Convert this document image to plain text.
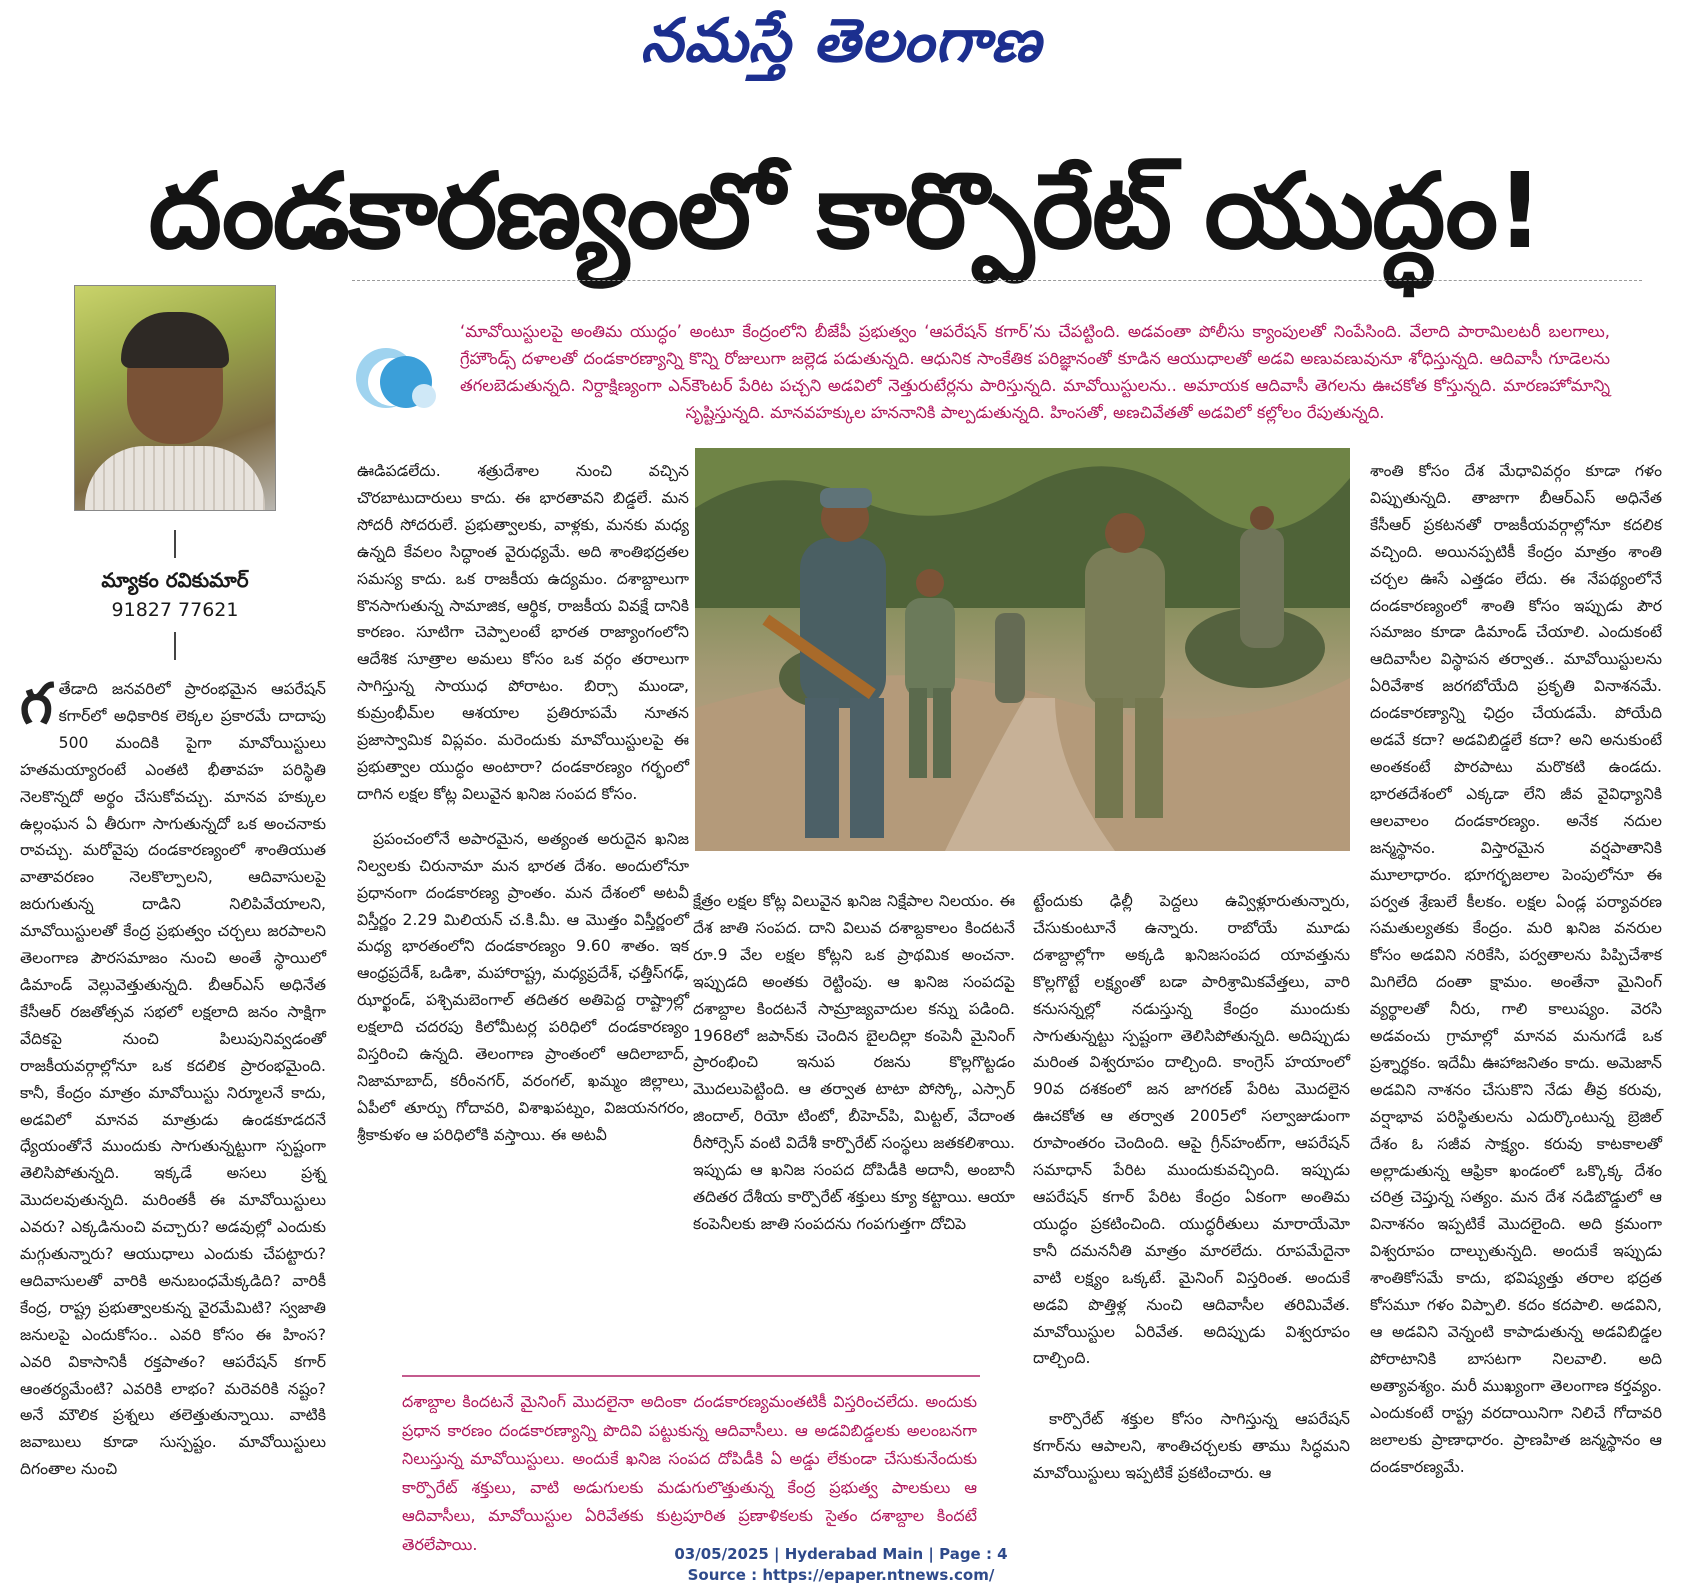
నమస్తే తెలంగాణ
దండకారణ్యంలో కార్పొరేట్ యుద్ధం!
మ్యాకం రవికుమార్
91827 77621
‘మావోయిస్టులపై అంతిమ యుద్ధం’ అంటూ కేంద్రంలోని బీజేపీ ప్రభుత్వం ‘ఆపరేషన్ కగార్’ను చేపట్టింది. అడవంతా పోలీసు క్యాంపులతో నింపేసింది. వేలాది పారామిలటరీ బలగాలు, గ్రేహౌండ్స్ దళాలతో దండకారణ్యాన్ని కొన్ని రోజులుగా జల్లెడ పడుతున్నది. ఆధునిక సాంకేతిక పరిజ్ఞానంతో కూడిన ఆయుధాలతో అడవి అణువణువునూ శోధిస్తున్నది. ఆదివాసీ గూడెలను తగలబెడుతున్నది. నిర్దాక్షిణ్యంగా ఎన్‌కౌంటర్ పేరిట పచ్చని అడవిలో నెత్తురుటేర్లను పారిస్తున్నది. మావోయిస్టులను.. అమాయక ఆదివాసీ తెగలను ఊచకోత కోస్తున్నది. మారణహోమాన్ని సృష్టిస్తున్నది. మానవహక్కుల హననానికి పాల్పడుతున్నది. హింసతో, అణచివేతతో అడవిలో కల్లోలం రేపుతున్నది.
గ తేడాది జనవరిలో ప్రారంభమైన ఆపరేషన్ కగార్‌లో అధికారిక లెక్కల ప్రకారమే దాదాపు 500 మందికి పైగా మావోయిస్టులు హతమయ్యారంటే ఎంతటి భీతావహ పరిస్థితి నెలకొన్నదో అర్థం చేసుకోవచ్చు. మానవ హక్కుల ఉల్లంఘన ఏ తీరుగా సాగుతున్నదో ఒక అంచనాకు రావచ్చు. మరోవైపు దండకారణ్యంలో శాంతియుత వాతావరణం నెలకొల్పాలని, ఆదివాసులపై జరుగుతున్న దాడిని నిలిపివేయాలని, మావోయిస్టులతో కేంద్ర ప్రభుత్వం చర్చలు జరపాలని తెలంగాణ పౌరసమాజం నుంచి అంతే స్థాయిలో డిమాండ్ వెల్లువెత్తుతున్నది. బీఆర్‌ఎస్ అధినేత కేసీఆర్ రజతోత్సవ సభలో లక్షలాది జనం సాక్షిగా వేదికపై నుంచి పిలుపునివ్వడంతో రాజకీయవర్గాల్లోనూ ఒక కదలిక ప్రారంభమైంది. కానీ, కేంద్రం మాత్రం మావోయిస్టు నిర్మూలనే కాదు, అడవిలో మానవ మాత్రుడు ఉండకూడదనే ధ్యేయంతోనే ముందుకు సాగుతున్నట్టుగా స్పష్టంగా తెలిసిపోతున్నది. ఇక్కడే అసలు ప్రశ్న మొదలవుతున్నది. మరింతకీ ఈ మావోయిస్టులు ఎవరు? ఎక్కడినుంచి వచ్చారు? అడవుల్లో ఎందుకు మగ్గుతున్నారు? ఆయుధాలు ఎందుకు చేపట్టారు? ఆదివాసులతో వారికి అనుబంధమేక్కడిది? వారికీ కేంద్ర, రాష్ట్ర ప్రభుత్వాలకున్న వైరమేమిటి? స్వజాతి జనులపై ఎందుకోసం.. ఎవరి కోసం ఈ హింస? ఎవరి వికాసానికీ రక్తపాతం? ఆపరేషన్ కగార్ ఆంతర్యమేంటి? ఎవరికి లాభం? మరెవరికి నష్టం? అనే మౌలిక ప్రశ్నలు తలెత్తుతున్నాయి. వాటికి జవాబులు కూడా సుస్పష్టం. మావోయిస్టులు దిగంతాల నుంచి

ఊడిపడలేదు. శత్రుదేశాల నుంచి వచ్చిన చొరబాటుదారులు కాదు. ఈ భారతావని బిడ్డలే. మన సోదరీ సోదరులే. ప్రభుత్వాలకు, వాళ్లకు, మనకు మధ్య ఉన్నది కేవలం సిద్ధాంత వైరుధ్యమే. అది శాంతిభద్రతల సమస్య కాదు. ఒక రాజకీయ ఉద్యమం. దశాబ్దాలుగా కొనసాగుతున్న సామాజిక, ఆర్థిక, రాజకీయ వివక్షే దానికి కారణం. సూటిగా చెప్పాలంటే భారత రాజ్యాంగంలోని ఆదేశిక సూత్రాల అమలు కోసం ఒక వర్గం తరాలుగా సాగిస్తున్న సాయుధ పోరాటం. బిర్సా ముండా, కుమ్రంభీమ్‌ల ఆశయాల ప్రతిరూపమే నూతన ప్రజాస్వామిక విప్లవం. మరెందుకు మావోయిస్టులపై ఈ ప్రభుత్వాల యుద్ధం అంటారా? దండకారణ్యం గర్భంలో దాగిన లక్షల కోట్ల విలువైన ఖనిజ సంపద కోసం.

ప్రపంచంలోనే అపారమైన, అత్యంత అరుదైన ఖనిజ నిల్వలకు చిరునామా మన భారత దేశం. అందులోనూ ప్రధానంగా దండకారణ్య ప్రాంతం. మన దేశంలో అటవీ విస్తీర్ణం 2.29 మిలియన్ చ.కి.మీ. ఆ మొత్తం విస్తీర్ణంలో మధ్య భారతంలోని దండకారణ్యం 9.60 శాతం. ఇక ఆంధ్రప్రదేశ్, ఒడిశా, మహారాష్ట్ర, మధ్యప్రదేశ్, ఛత్తీస్‌గఢ్, ఝార్ఖండ్, పశ్చిమబెంగాల్ తదితర అతిపెద్ద రాష్ట్రాల్లో లక్షలాది చదరపు కిలోమీటర్ల పరిధిలో దండకారణ్యం విస్తరించి ఉన్నది. తెలంగాణ ప్రాంతంలో ఆదిలాబాద్, నిజామాబాద్, కరీంనగర్, వరంగల్, ఖమ్మం జిల్లాలు, ఏపీలో తూర్పు గోదావరి, విశాఖపట్నం, విజయనగరం, శ్రీకాకుళం ఆ పరిధిలోకి వస్తాయి. ఈ అటవీ

క్షేత్రం లక్షల కోట్ల విలువైన ఖనిజ నిక్షేపాల నిలయం. ఈ దేశ జాతి సంపద. దాని విలువ దశాబ్దకాలం కిందటనే రూ.9 వేల లక్షల కోట్లని ఒక ప్రాథమిక అంచనా. ఇప్పుడది అంతకు రెట్టింపు. ఆ ఖనిజ సంపదపై దశాబ్దాల కిందటనే సామ్రాజ్యవాదుల కన్ను పడింది. 1968లో జపాన్‌కు చెందిన బైలదిల్లా కంపెనీ మైనింగ్ ప్రారంభించి ఇనుప రజను కొల్లగొట్టడం మొదలుపెట్టింది. ఆ తర్వాత టాటా పోస్కో, ఎస్సార్ జిందాల్, రియో టింటో, బీహెచ్‌పి, మిట్టల్, వేదాంత రీసోర్సెస్ వంటి విదేశీ కార్పొరేట్ సంస్థలు జతకలిశాయి. ఇప్పుడు ఆ ఖనిజ సంపద దోపిడీకి అదానీ, అంబానీ తదితర దేశీయ కార్పొరేట్ శక్తులు క్యూ కట్టాయి. ఆయా కంపెనీలకు జాతి సంపదను గంపగుత్తగా దోచిపె

ట్టేందుకు ఢిల్లీ పెద్దలు ఉవ్విళ్లూరుతున్నారు, చేసుకుంటూనే ఉన్నారు. రాబోయే మూడు దశాబ్దాల్లోగా అక్కడి ఖనిజసంపద యావత్తును కొల్లగొట్టే లక్ష్యంతో బడా పారిశ్రామికవేత్తలు, వారి కనుసన్నల్లో నడుస్తున్న కేంద్రం ముందుకు సాగుతున్నట్టు స్పష్టంగా తెలిసిపోతున్నది. అదిప్పుడు మరింత విశ్వరూపం దాల్చింది. కాంగ్రెస్ హయాంలో 90వ దశకంలో జన జాగరణ్ పేరిట మొదలైన ఊచకోత ఆ తర్వాత 2005లో సల్వాజుడుంగా రూపాంతరం చెందింది. ఆపై గ్రీన్‌హంట్‌గా, ఆపరేషన్ సమాధాన్ పేరిట ముందుకువచ్చింది. ఇప్పుడు ఆపరేషన్ కగార్ పేరిట కేంద్రం ఏకంగా అంతిమ యుద్ధం ప్రకటించింది. యుద్ధరీతులు మారాయేమో కానీ దమననీతి మాత్రం మారలేదు. రూపమేదైనా వాటి లక్ష్యం ఒక్కటే. మైనింగ్ విస్తరింత. అందుకే అడవి పొత్తిళ్ల నుంచి ఆదివాసీల తరిమివేత. మావోయిస్టుల ఏరివేత. అదిప్పుడు విశ్వరూపం దాల్చింది.

కార్పొరేట్ శక్తుల కోసం సాగిస్తున్న ఆపరేషన్ కగార్‌ను ఆపాలని, శాంతిచర్చలకు తాము సిద్ధమని మావోయిస్టులు ఇప్పటికే ప్రకటించారు. ఆ

శాంతి కోసం దేశ మేధావివర్గం కూడా గళం విప్పుతున్నది. తాజాగా బీఆర్‌ఎస్ అధినేత కేసీఆర్ ప్రకటనతో రాజకీయవర్గాల్లోనూ కదలిక వచ్చింది. అయినప్పటికీ కేంద్రం మాత్రం శాంతి చర్చల ఊసే ఎత్తడం లేదు. ఈ నేపథ్యంలోనే దండకారణ్యంలో శాంతి కోసం ఇప్పుడు పౌర సమాజం కూడా డిమాండ్ చేయాలి. ఎందుకంటే ఆదివాసీల విస్థాపన తర్వాత.. మావోయిస్టులను ఏరివేశాక జరగబోయేది ప్రకృతి వినాశనమే. దండకారణ్యాన్ని ఛిద్రం చేయడమే. పోయేది అడవే కదా? అడవిబిడ్డలే కదా? అని అనుకుంటే అంతకంటే పొరపాటు మరొకటి ఉండదు. భారతదేశంలో ఎక్కడా లేని జీవ వైవిధ్యానికి ఆలవాలం దండకారణ్యం. అనేక నదుల జన్మస్థానం. విస్తారమైన వర్షపాతానికి మూలాధారం. భూగర్భజలాల పెంపులోనూ ఈ పర్వత శ్రేణులే కీలకం. లక్షల ఏండ్ల పర్యావరణ సమతుల్యతకు కేంద్రం. మరి ఖనిజ వనరుల కోసం అడవిని నరికేసి, పర్వతాలను పిప్పిచేశాక మిగిలేది దంతా క్షామం. అంతేనా మైనింగ్ వ్యర్థాలతో నీరు, గాలి కాలుష్యం. వెరసి అడవంచు గ్రామాల్లో మానవ మనుగడే ఒక ప్రశ్నార్థకం. ఇదేమీ ఊహాజనితం కాదు. అమెజాన్ అడవిని నాశనం చేసుకొని నేడు తీవ్ర కరువు, వర్షాభావ పరిస్థితులను ఎదుర్కొంటున్న బ్రెజిల్ దేశం ఓ సజీవ సాక్ష్యం. కరువు కాటకాలతో అల్లాడుతున్న ఆఫ్రికా ఖండంలో ఒక్కొక్క దేశం చరిత్ర చెప్తున్న సత్యం. మన దేశ నడిబొడ్డులో ఆ వినాశనం ఇప్పటికే మొదలైంది. అది క్రమంగా విశ్వరూపం దాల్చుతున్నది. అందుకే ఇప్పుడు శాంతికోసమే కాదు, భవిష్యత్తు తరాల భద్రత కోసమూ గళం విప్పాలి. కదం కదపాలి. అడవిని, ఆ అడవిని వెన్నంటి కాపాడుతున్న అడవిబిడ్డల పోరాటానికి బాసటగా నిలవాలి. అది అత్యావశ్యం. మరీ ముఖ్యంగా తెలంగాణ కర్తవ్యం. ఎందుకంటే రాష్ట్ర వరదాయినిగా నిలిచే గోదావరి జలాలకు ప్రాణాధారం. ప్రాణహిత జన్మస్థానం ఆ దండకారణ్యమే.

దశాబ్దాల కిందటనే మైనింగ్ మొదలైనా అదింకా దండకారణ్యమంతటికీ విస్తరించలేదు. అందుకు ప్రధాన కారణం దండకారణ్యాన్ని పొదివి పట్టుకున్న ఆదివాసీలు. ఆ అడవిబిడ్డలకు అలంబనగా నిలుస్తున్న మావోయిస్టులు. అందుకే ఖనిజ సంపద దోపిడీకి ఏ అడ్డు లేకుండా చేసుకునేందుకు కార్పొరేట్ శక్తులు, వాటి అడుగులకు మడుగులొత్తుతున్న కేంద్ర ప్రభుత్వ పాలకులు ఆ ఆదివాసీలు, మావోయిస్టుల ఏరివేతకు కుట్రపూరిత ప్రణాళికలకు సైతం దశాబ్దాల కిందటే తెరలేపాయి.
03/05/2025 | Hyderabad Main | Page : 4
Source : https://epaper.ntnews.com/
